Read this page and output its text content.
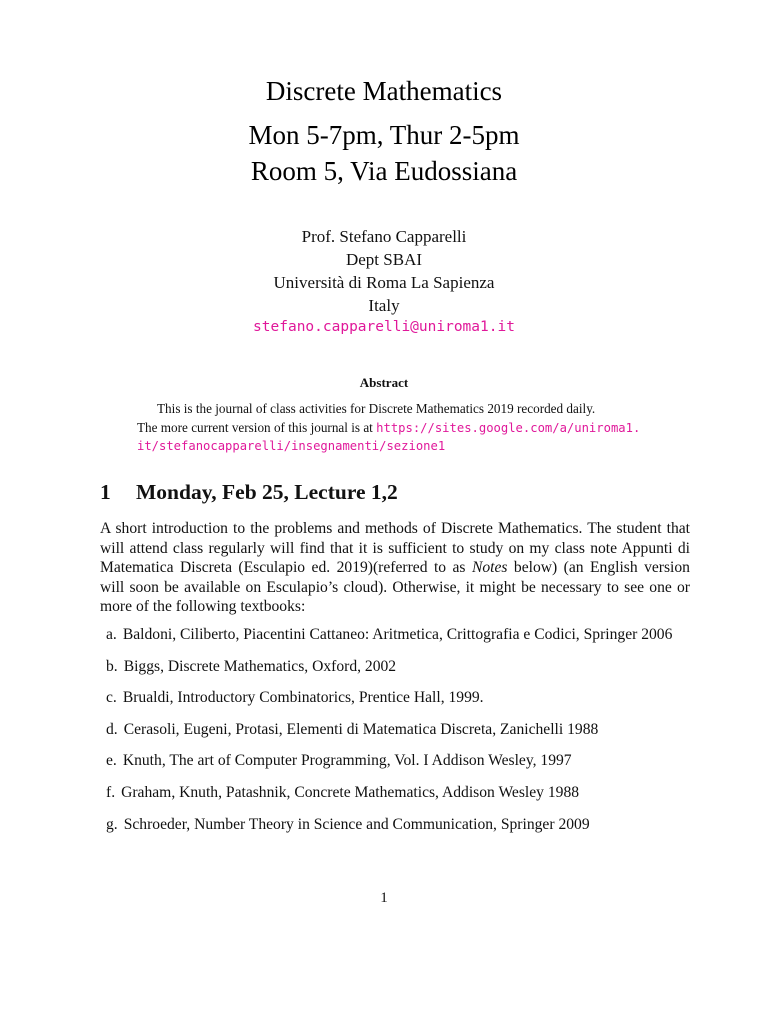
Discrete Mathematics
Mon 5-7pm, Thur 2-5pm
Room 5, Via Eudossiana
Prof. Stefano Capparelli
Dept SBAI
Università di Roma La Sapienza
Italy
stefano.capparelli@uniroma1.it
Abstract
This is the journal of class activities for Discrete Mathematics 2019 recorded daily.
The more current version of this journal is at https://sites.google.com/a/uniroma1.
it/stefanocapparelli/insegnamenti/sezione1
1 Monday, Feb 25, Lecture 1,2
A short introduction to the problems and methods of Discrete Mathematics. The student that will attend class regularly will find that it is sufficient to study on my class note Appunti di Matematica Discreta (Esculapio ed. 2019)(referred to as Notes below) (an English version will soon be available on Esculapio’s cloud). Otherwise, it might be necessary to see one or more of the following textbooks:
a. Baldoni, Ciliberto, Piacentini Cattaneo: Aritmetica, Crittografia e Codici, Springer 2006
b. Biggs, Discrete Mathematics, Oxford, 2002
c. Brualdi, Introductory Combinatorics, Prentice Hall, 1999.
d. Cerasoli, Eugeni, Protasi, Elementi di Matematica Discreta, Zanichelli 1988
e. Knuth, The art of Computer Programming, Vol. I Addison Wesley, 1997
f. Graham, Knuth, Patashnik, Concrete Mathematics, Addison Wesley 1988
g. Schroeder, Number Theory in Science and Communication, Springer 2009
1
